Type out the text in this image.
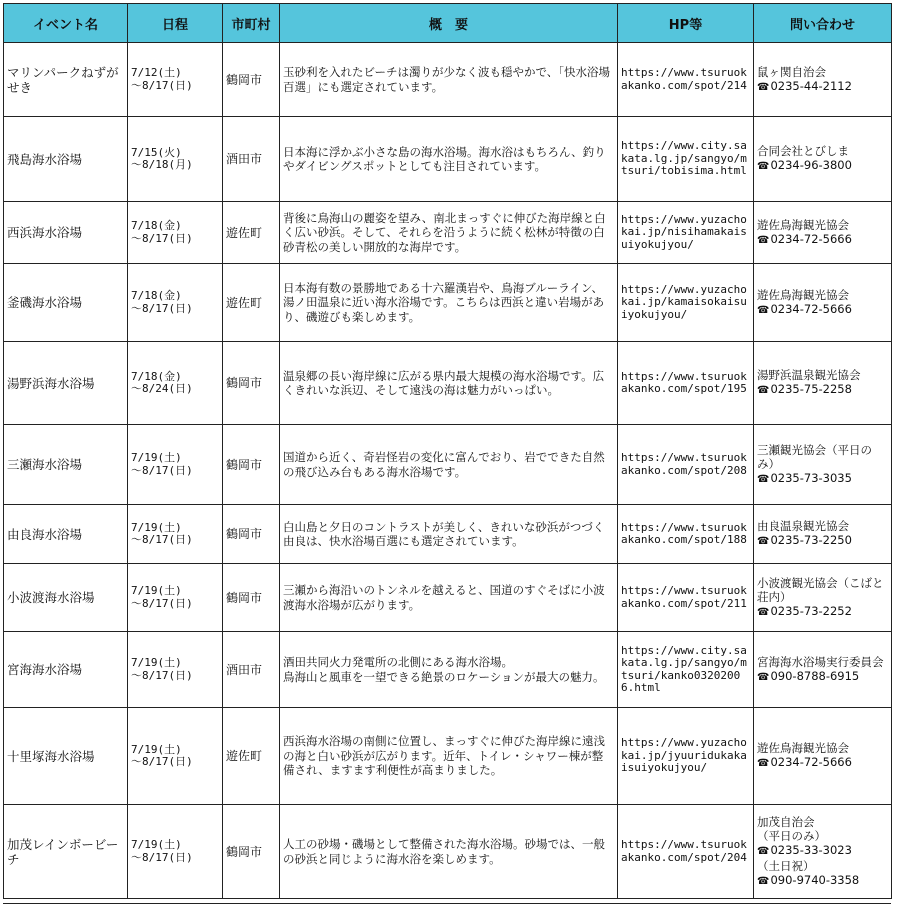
イベント名	日程	市町村	概　要	HP等	問い合わせ
マリンパークねずがせき	7/12(土)
～8/17(日)	鶴岡市	玉砂利を入れたビーチは濁りが少なく波も穏やかで、「快水浴場百選」にも選定されています。	https://www.tsuruokakanko.com/spot/214	鼠ヶ関自治会
☎0235-44-2112

飛島海水浴場	7/15(火)
～8/18(月)	酒田市	日本海に浮かぶ小さな島の海水浴場。海水浴はもちろん、釣りやダイビングスポットとしても注目されています。	https://www.city.sakata.lg.jp/sangyo/mtsuri/tobisima.html	合同会社とびしま
☎0234-96-3800

西浜海水浴場	7/18(金)
～8/17(日)	遊佐町	背後に鳥海山の麗姿を望み、南北まっすぐに伸びた海岸線と白く広い砂浜。そして、それらを沿うように続く松林が特徴の白砂青松の美しい開放的な海岸です。	https://www.yuzachokai.jp/nisihamakaisuiyokujyou/	遊佐鳥海観光協会
☎0234-72-5666

釜磯海水浴場	7/18(金)
～8/17(日)	遊佐町	日本海有数の景勝地である十六羅漢岩や、鳥海ブルーライン、湯ノ田温泉に近い海水浴場です。こちらは西浜と違い岩場があり、磯遊びも楽しめます。	https://www.yuzachokai.jp/kamaisokaisuiyokujyou/	遊佐鳥海観光協会
☎0234-72-5666

湯野浜海水浴場	7/18(金)
～8/24(日)	鶴岡市	温泉郷の長い海岸線に広がる県内最大規模の海水浴場です。広くきれいな浜辺、そして遠浅の海は魅力がいっぱい。	https://www.tsuruokakanko.com/spot/195	湯野浜温泉観光協会
☎0235-75-2258

三瀬海水浴場	7/19(土)
～8/17(日)	鶴岡市	国道から近く、奇岩怪岩の変化に富んでおり、岩でできた自然の飛び込み台もある海水浴場です。	https://www.tsuruokakanko.com/spot/208	三瀬観光協会（平日のみ）
☎0235-73-3035

由良海水浴場	7/19(土)
～8/17(日)	鶴岡市	白山島と夕日のコントラストが美しく、きれいな砂浜がつづく由良は、快水浴場百選にも選定されています。	https://www.tsuruokakanko.com/spot/188	由良温泉観光協会
☎0235-73-2250

小波渡海水浴場	7/19(土)
～8/17(日)	鶴岡市	三瀬から海沿いのトンネルを越えると、国道のすぐそばに小波渡海水浴場が広がります。	https://www.tsuruokakanko.com/spot/211	小波渡観光協会（こばと荘内）
☎0235-73-2252

宮海海水浴場	7/19(土)
～8/17(日)	酒田市	酒田共同火力発電所の北側にある海水浴場。
鳥海山と風車を一望できる絶景のロケーションが最大の魅力。	https://www.city.sakata.lg.jp/sangyo/mtsuri/kanko03202006.html	宮海海水浴場実行委員会
☎090-8788-6915

十里塚海水浴場	7/19(土)
～8/17(日)	遊佐町	西浜海水浴場の南側に位置し、まっすぐに伸びた海岸線に遠浅の海と白い砂浜が広がります。近年、トイレ・シャワー棟が整備され、ますます利便性が高まりました。	https://www.yuzachokai.jp/jyuuridukakaisuiyokujyou/	遊佐鳥海観光協会
☎0234-72-5666

加茂レインボービーチ	7/19(土)
～8/17(日)	鶴岡市	人工の砂場・磯場として整備された海水浴場。砂場では、一般の砂浜と同じように海水浴を楽しめます。	https://www.tsuruokakanko.com/spot/204	加茂自治会
（平日のみ）
☎0235-33-3023
（土日祝）
☎090-9740-3358
